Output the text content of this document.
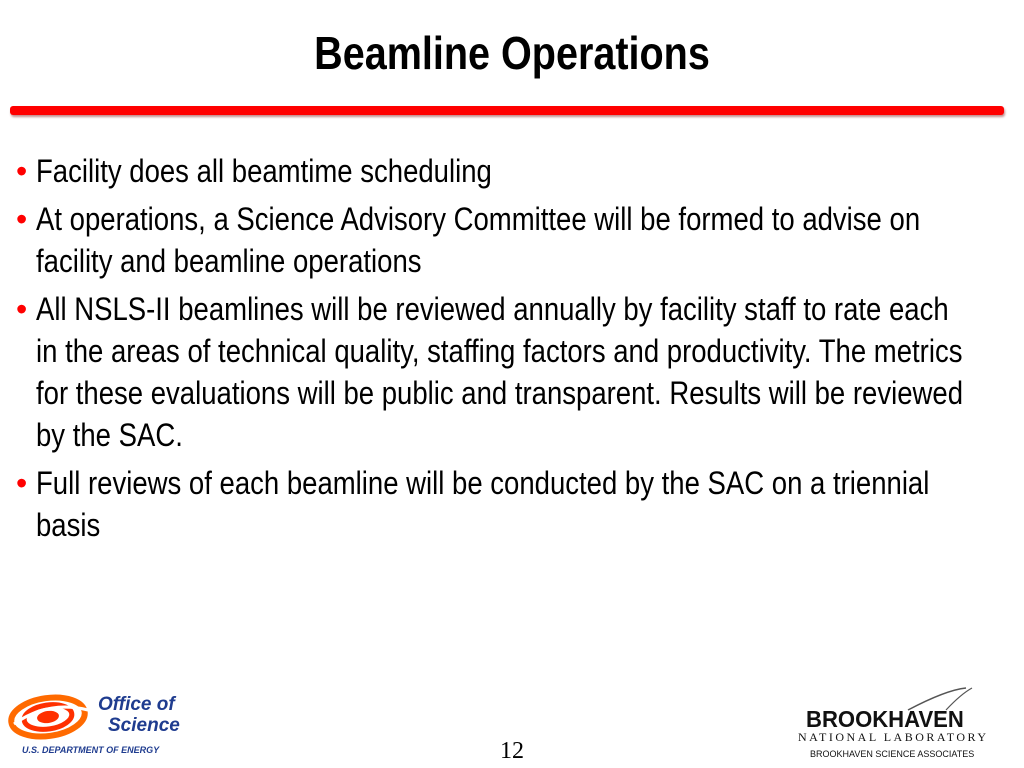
Beamline Operations
• Facility does all beamtime scheduling
• At operations, a Science Advisory Committee will be formed to advise on facility and beamline operations
• All NSLS-II beamlines will be reviewed annually by facility staff to rate each in the areas of technical quality, staffing factors and productivity. The metrics for these evaluations will be public and transparent. Results will be reviewed by the SAC.
• Full reviews of each beamline will be conducted by the SAC on a triennial basis
Office of
Science
U.S. DEPARTMENT OF ENERGY	12
BROOKHAVEN
NATIONAL LABORATORY
BROOKHAVEN SCIENCE ASSOCIATES
